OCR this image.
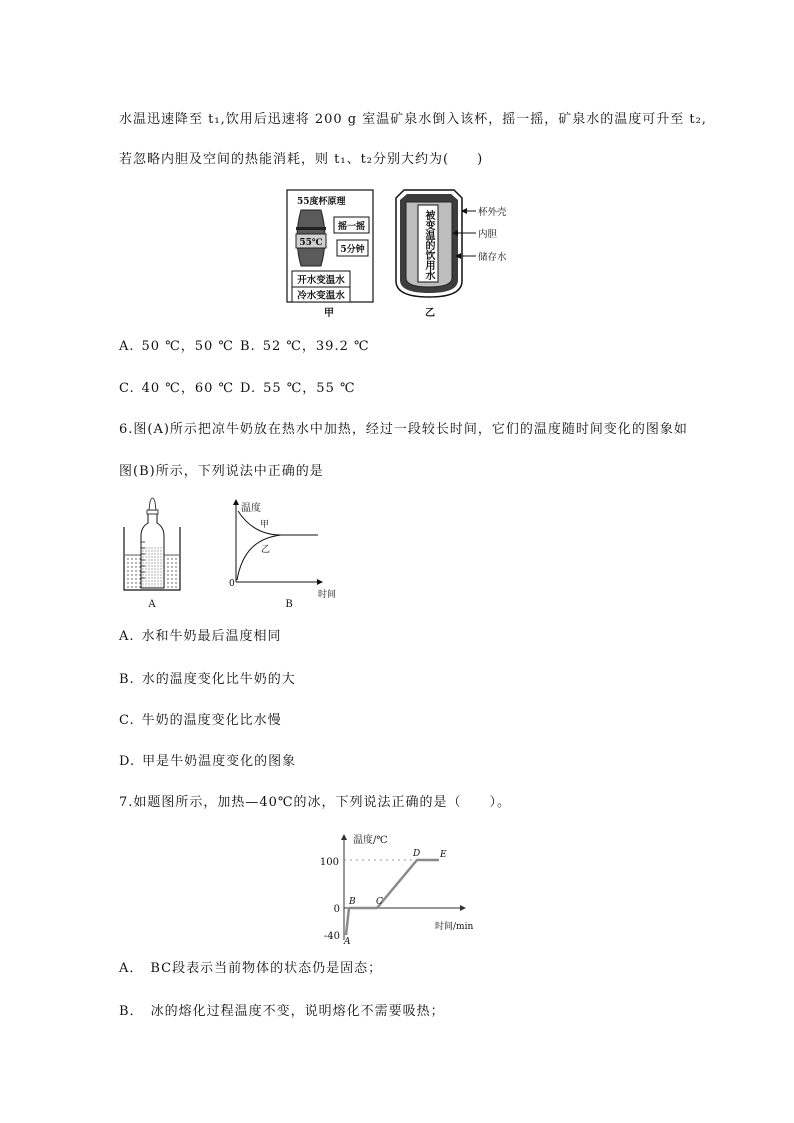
水温迅速降至 t₁,饮用后迅速将 200 g 室温矿泉水倒入该杯，摇一摇，矿泉水的温度可升至 t₂,
若忽略内胆及空间的热能消耗，则 t₁、t₂分别大约为(　　)
55度杯原理
55℃
摇一摇
5分钟
开水变温水
冷水变温水
甲
杯外壳
内胆
储存水
乙
被变温的饮用水
A. 50 ℃，50 ℃ B. 52 ℃，39.2 ℃
C. 40 ℃，60 ℃ D. 55 ℃，55 ℃
6.图(A)所示把凉牛奶放在热水中加热，经过一段较长时间，它们的温度随时间变化的图象如
图(B)所示，下列说法中正确的是
A
温度
甲
乙
0
B
时间
A. 水和牛奶最后温度相同
B. 水的温度变化比牛奶的大
C. 牛奶的温度变化比水慢
D. 甲是牛奶温度变化的图象
7.如题图所示，加热—40℃的冰，下列说法正确的是（　　）。
温度/℃
100
0
-40 A
B C
D E
时间/min
A． BC段表示当前物体的状态仍是固态；
B． 冰的熔化过程温度不变，说明熔化不需要吸热；
